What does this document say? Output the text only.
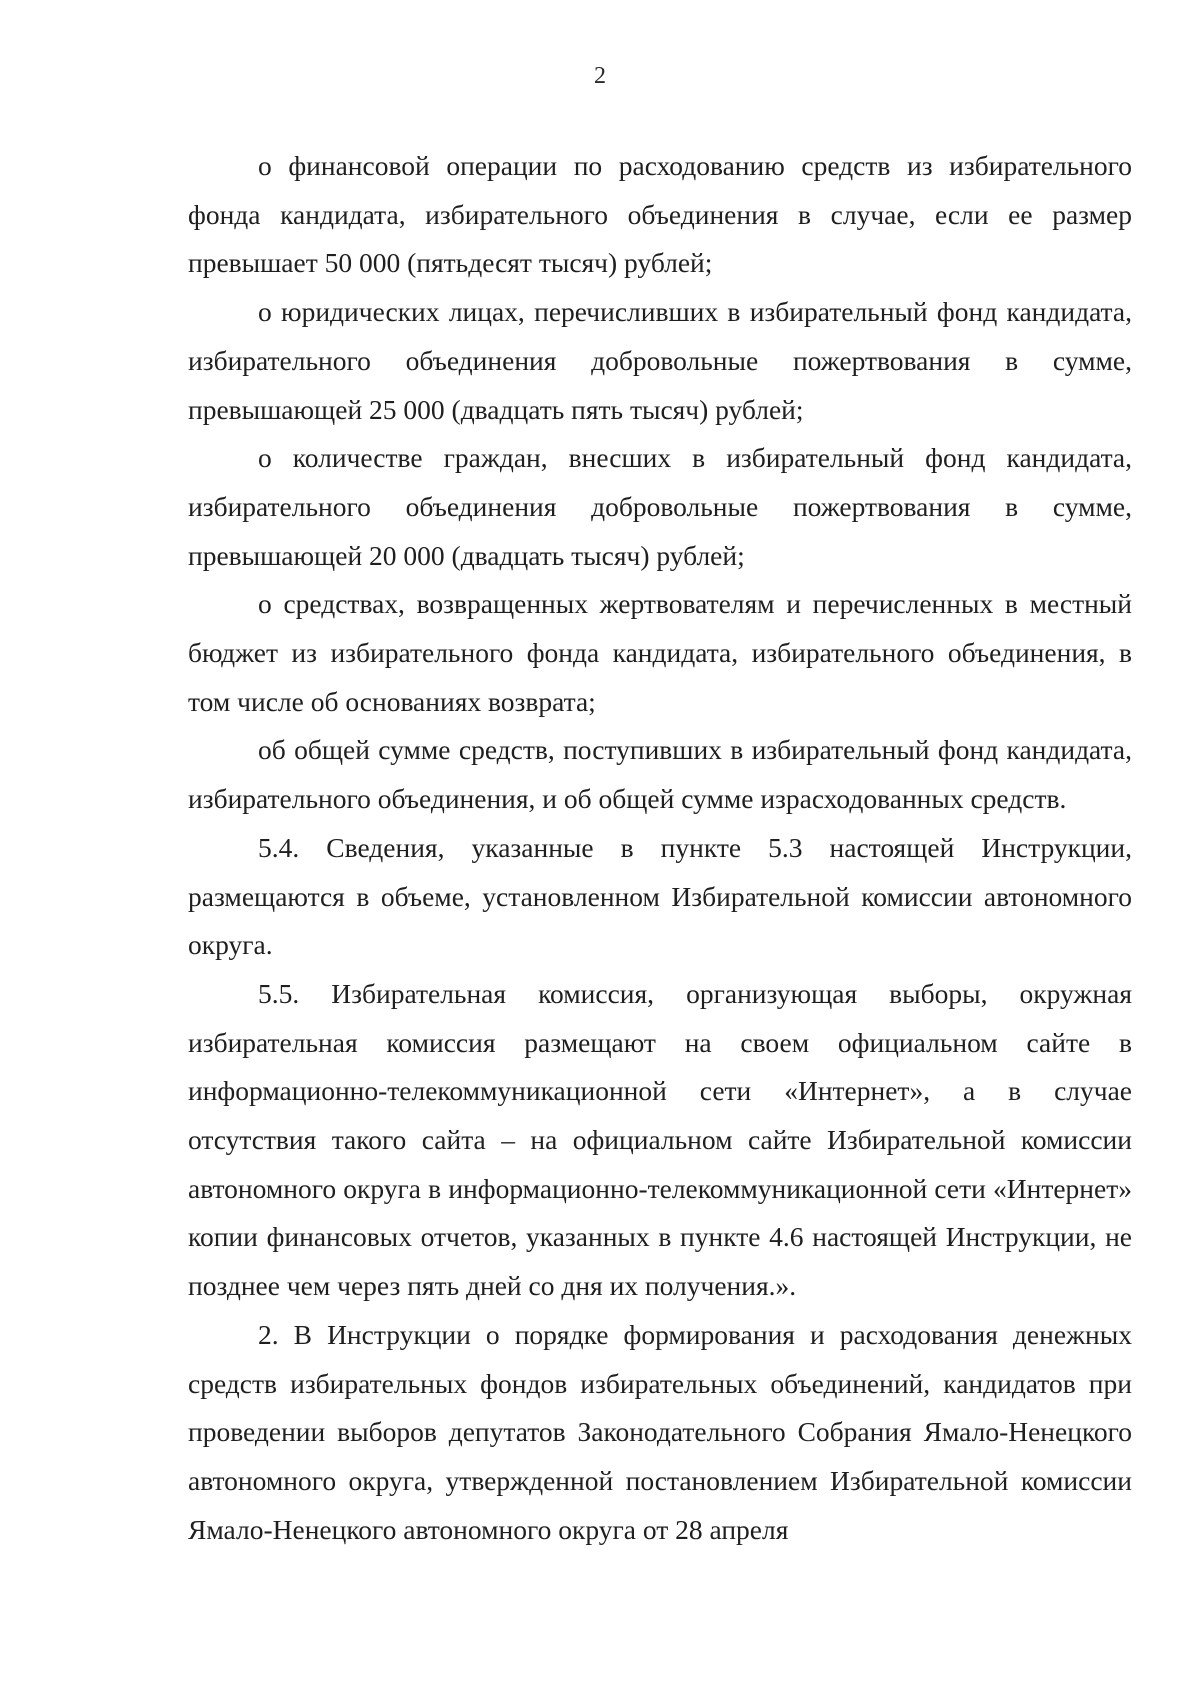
2

о финансовой операции по расходованию средств из избирательного фонда кандидата, избирательного объединения в случае, если ее размер превышает 50 000 (пятьдесят тысяч) рублей;

о юридических лицах, перечисливших в избирательный фонд кандидата, избирательного объединения добровольные пожертвования в сумме, превышающей 25 000 (двадцать пять тысяч) рублей;

о количестве граждан, внесших в избирательный фонд кандидата, избирательного объединения добровольные пожертвования в сумме, превышающей 20 000 (двадцать тысяч) рублей;

о средствах, возвращенных жертвователям и перечисленных в местный бюджет из избирательного фонда кандидата, избирательного объединения, в том числе об основаниях возврата;

об общей сумме средств, поступивших в избирательный фонд кандидата, избирательного объединения, и об общей сумме израсходованных средств.

5.4. Сведения, указанные в пункте 5.3 настоящей Инструкции, размещаются в объеме, установленном Избирательной комиссии автономного округа.

5.5. Избирательная комиссия, организующая выборы, окружная избирательная комиссия размещают на своем официальном сайте в информационно-телекоммуникационной сети «Интернет», а в случае отсутствия такого сайта – на официальном сайте Избирательной комиссии автономного округа в информационно-телекоммуникационной сети «Интернет» копии финансовых отчетов, указанных в пункте 4.6 настоящей Инструкции, не позднее чем через пять дней со дня их получения.».

2. В Инструкции о порядке формирования и расходования денежных средств избирательных фондов избирательных объединений, кандидатов при проведении выборов депутатов Законодательного Собрания Ямало-Ненецкого автономного округа, утвержденной постановлением Избирательной комиссии Ямало-Ненецкого автономного округа от 28 апреля
